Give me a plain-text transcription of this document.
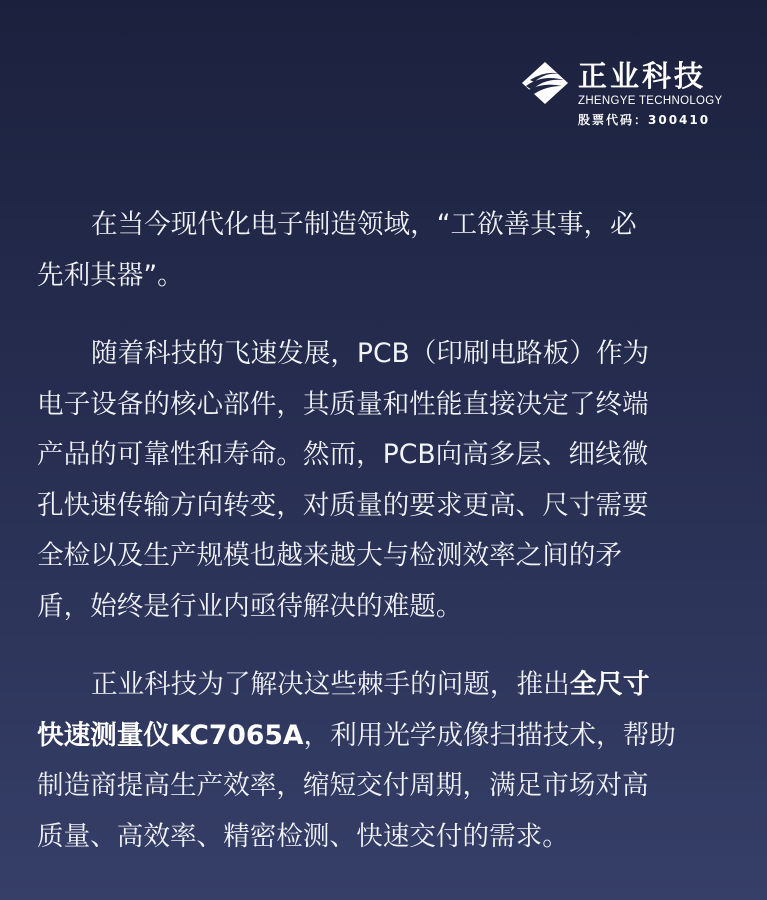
正业科技
ZHENGYE TECHNOLOGY
股票代码：300410

在当今现代化电子制造领域，“工欲善其事，必
先利其器”。

随着科技的飞速发展，PCB（印刷电路板）作为
电子设备的核心部件，其质量和性能直接决定了终端
产品的可靠性和寿命。然而，PCB向高多层、细线微
孔快速传输方向转变，对质量的要求更高、尺寸需要
全检以及生产规模也越来越大与检测效率之间的矛
盾，始终是行业内亟待解决的难题。

正业科技为了解决这些棘手的问题，推出全尺寸
快速测量仪KC7065A，利用光学成像扫描技术，帮助
制造商提高生产效率，缩短交付周期，满足市场对高
质量、高效率、精密检测、快速交付的需求。
